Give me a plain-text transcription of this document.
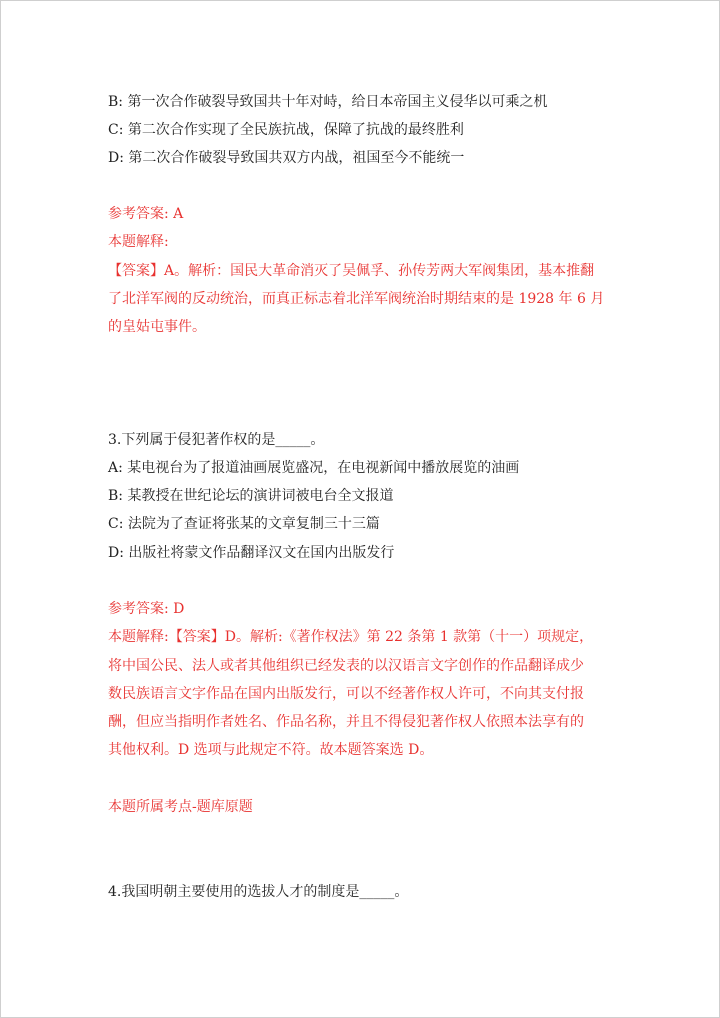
B: 第一次合作破裂导致国共十年对峙，给日本帝国主义侵华以可乘之机
C: 第二次合作实现了全民族抗战，保障了抗战的最终胜利
D: 第二次合作破裂导致国共双方内战，祖国至今不能统一
参考答案: A
本题解释:
【答案】A。解析：国民大革命消灭了吴佩孚、孙传芳两大军阀集团，基本推翻
了北洋军阀的反动统治，而真正标志着北洋军阀统治时期结束的是 1928 年 6 月
的皇姑屯事件。
3.下列属于侵犯著作权的是_____。
A: 某电视台为了报道油画展览盛况，在电视新闻中播放展览的油画
B: 某教授在世纪论坛的演讲词被电台全文报道
C: 法院为了查证将张某的文章复制三十三篇
D: 出版社将蒙文作品翻译汉文在国内出版发行
参考答案: D
本题解释:【答案】D。解析:《著作权法》第 22 条第 1 款第（十一）项规定，
将中国公民、法人或者其他组织已经发表的以汉语言文字创作的作品翻译成少
数民族语言文字作品在国内出版发行，可以不经著作权人许可，不向其支付报
酬，但应当指明作者姓名、作品名称，并且不得侵犯著作权人依照本法享有的
其他权利。D 选项与此规定不符。故本题答案选 D。
本题所属考点-题库原题
4.我国明朝主要使用的选拔人才的制度是_____。
